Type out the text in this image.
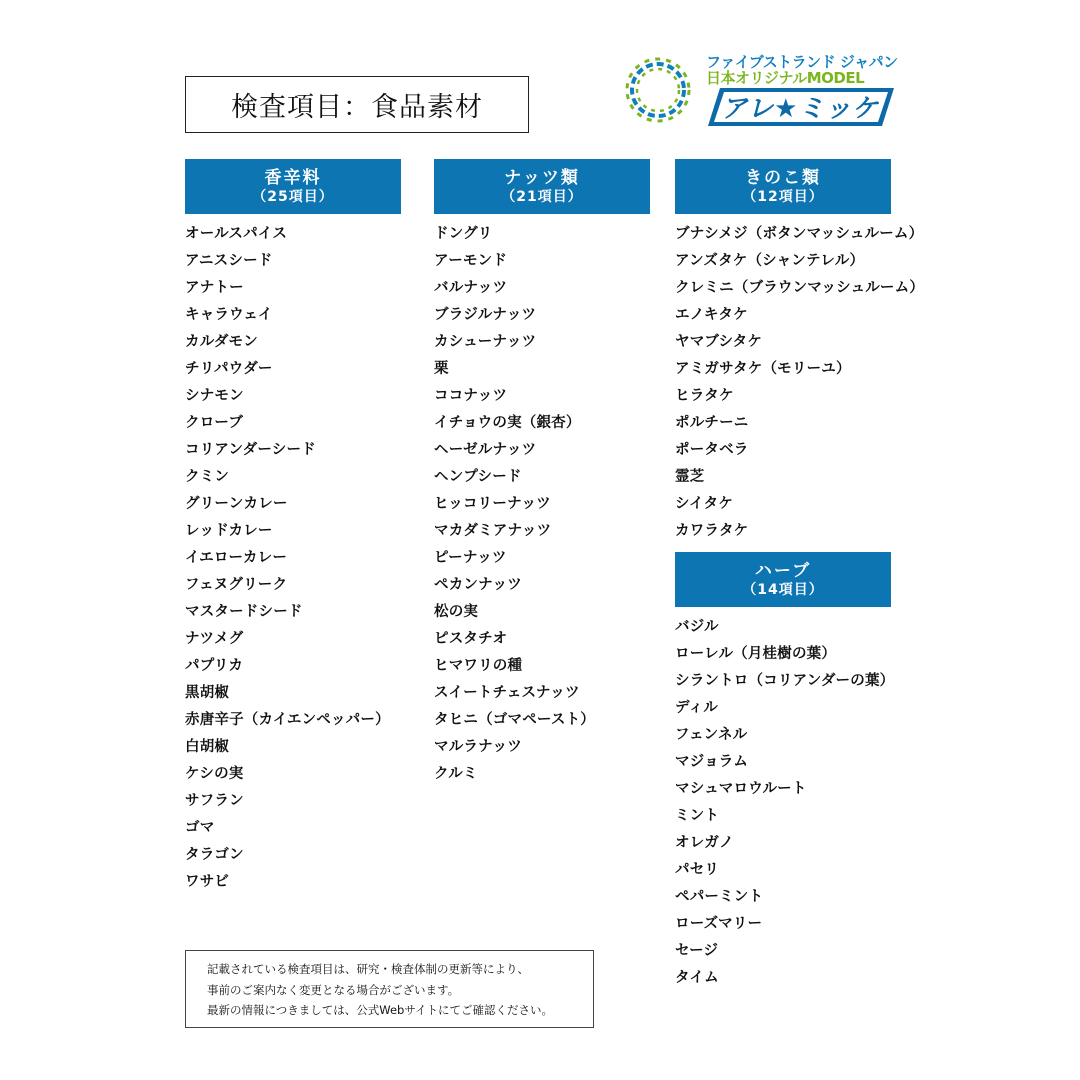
検査項目：食品素材
ファイブストランド ジャパン
日本オリジナルMODEL
アレ★ミッケ
香辛料
（25項目）
オールスパイス
アニスシード
アナトー
キャラウェイ
カルダモン
チリパウダー
シナモン
クローブ
コリアンダーシード
クミン
グリーンカレー
レッドカレー
イエローカレー
フェヌグリーク
マスタードシード
ナツメグ
パプリカ
黒胡椒
赤唐辛子（カイエンペッパー）
白胡椒
ケシの実
サフラン
ゴマ
タラゴン
ワサビ
ナッツ類
（21項目）
ドングリ
アーモンド
バルナッツ
ブラジルナッツ
カシューナッツ
栗
ココナッツ
イチョウの実（銀杏）
ヘーゼルナッツ
ヘンプシード
ヒッコリーナッツ
マカダミアナッツ
ピーナッツ
ペカンナッツ
松の実
ピスタチオ
ヒマワリの種
スイートチェスナッツ
タヒニ（ゴマペースト）
マルラナッツ
クルミ
きのこ類
（12項目）
ブナシメジ（ボタンマッシュルーム）
アンズタケ（シャンテレル）
クレミニ（ブラウンマッシュルーム）
エノキタケ
ヤマブシタケ
アミガサタケ（モリーユ）
ヒラタケ
ポルチーニ
ポータベラ
霊芝
シイタケ
カワラタケ
ハーブ
（14項目）
バジル
ローレル（月桂樹の葉）
シラントロ（コリアンダーの葉）
ディル
フェンネル
マジョラム
マシュマロウルート
ミント
オレガノ
パセリ
ペパーミント
ローズマリー
セージ
タイム

記載されている検査項目は、研究・検査体制の更新等により、

事前のご案内なく変更となる場合がございます。

最新の情報につきましては、公式Webサイトにてご確認ください。
